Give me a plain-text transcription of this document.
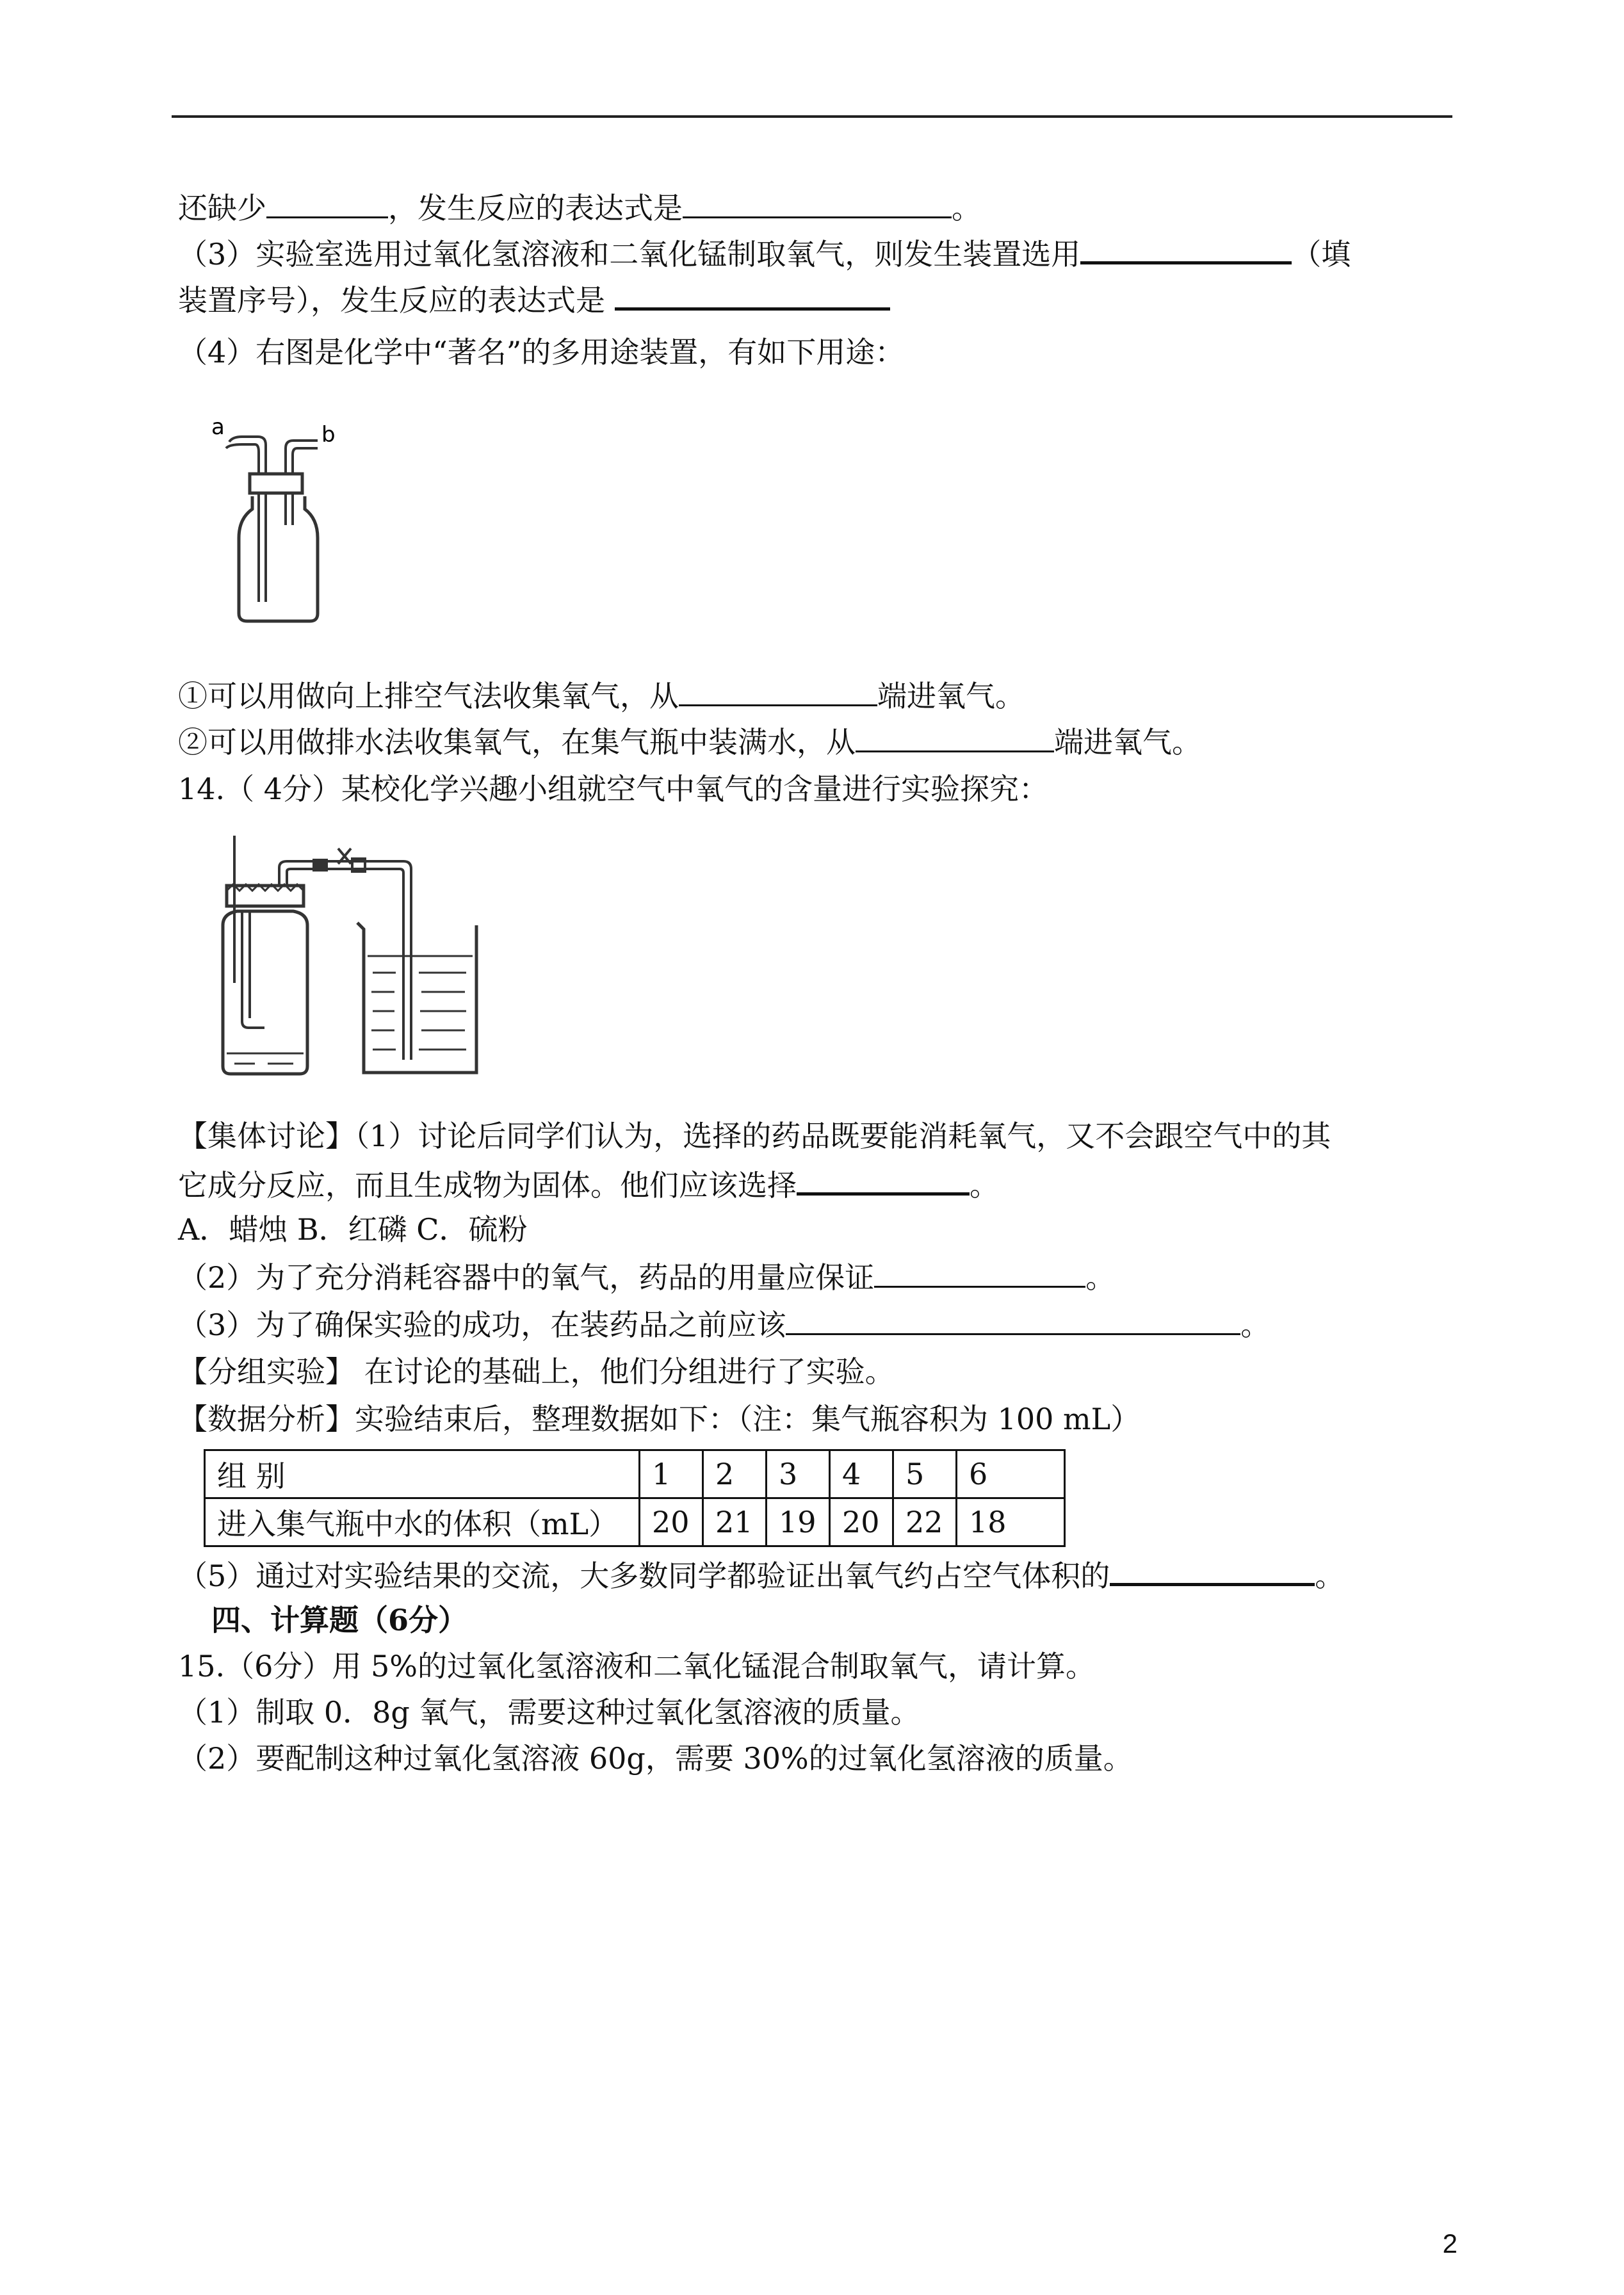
还缺少	，发生反应的表达式是	。
（3）实验室选用过氧化氢溶液和二氧化锰制取氧气，则发生装置选用	（填
装置序号），发生反应的表达式是
（4）右图是化学中“著名”的多用途装置，有如下用途：
a	b
①可以用做向上排空气法收集氧气，从	端进氧气。
②可以用做排水法收集氧气，在集气瓶中装满水，从	端进氧气。
14.（ 4分）某校化学兴趣小组就空气中氧气的含量进行实验探究：
【集体讨论】（1）讨论后同学们认为，选择的药品既要能消耗氧气，又不会跟空气中的其
它成分反应，而且生成物为固体。他们应该选择	。
A．蜡烛 B．红磷 C．硫粉
（2）为了充分消耗容器中的氧气，药品的用量应保证	。
（3）为了确保实验的成功，在装药品之前应该	。
【分组实验】 在讨论的基础上，他们分组进行了实验。
【数据分析】实验结束后，整理数据如下：（注：集气瓶容积为 100 mL）
组 别	1	2	3	4	5	6
进入集气瓶中水的体积（mL）	20	21	19	20	22	18
（5）通过对实验结果的交流，大多数同学都验证出氧气约占空气体积的	。
四、计算题（6分）
15.（6分）用 5%的过氧化氢溶液和二氧化锰混合制取氧气，请计算。
（1）制取 0．8g 氧气，需要这种过氧化氢溶液的质量。
（2）要配制这种过氧化氢溶液 60g，需要 30%的过氧化氢溶液的质量。
2
